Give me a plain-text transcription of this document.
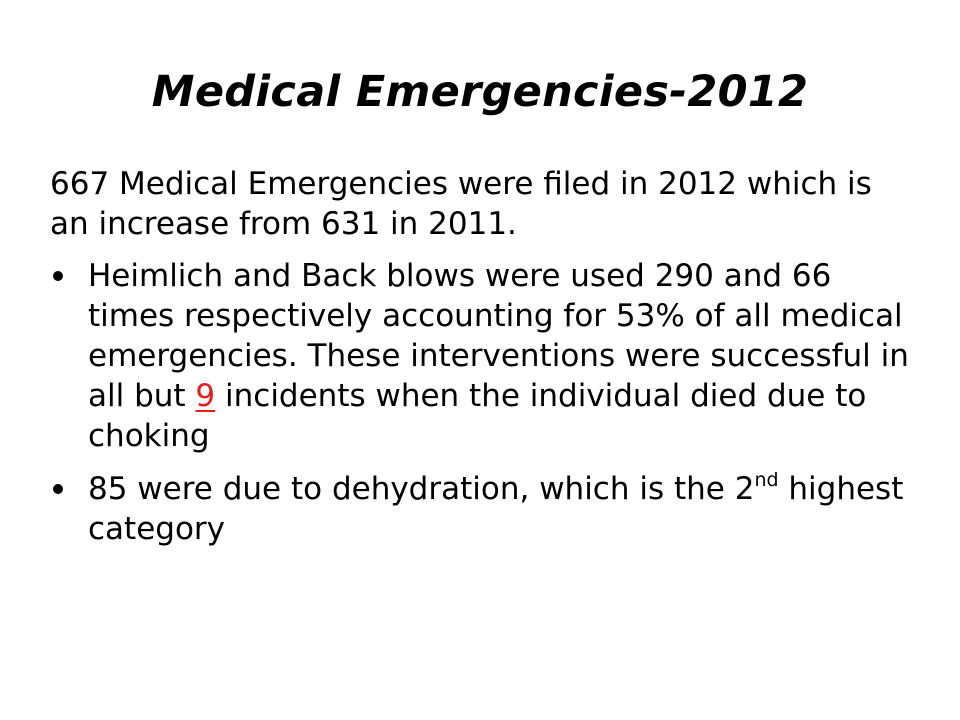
Medical Emergencies-2012

667 Medical Emergencies were filed in 2012 which is an increase from 631 in 2011.

Heimlich and Back blows were used 290 and 66 times respectively accounting for 53% of all medical emergencies. These interventions were successful in all but 9 incidents when the individual died due to choking
85 were due to dehydration, which is the 2nd highest category
